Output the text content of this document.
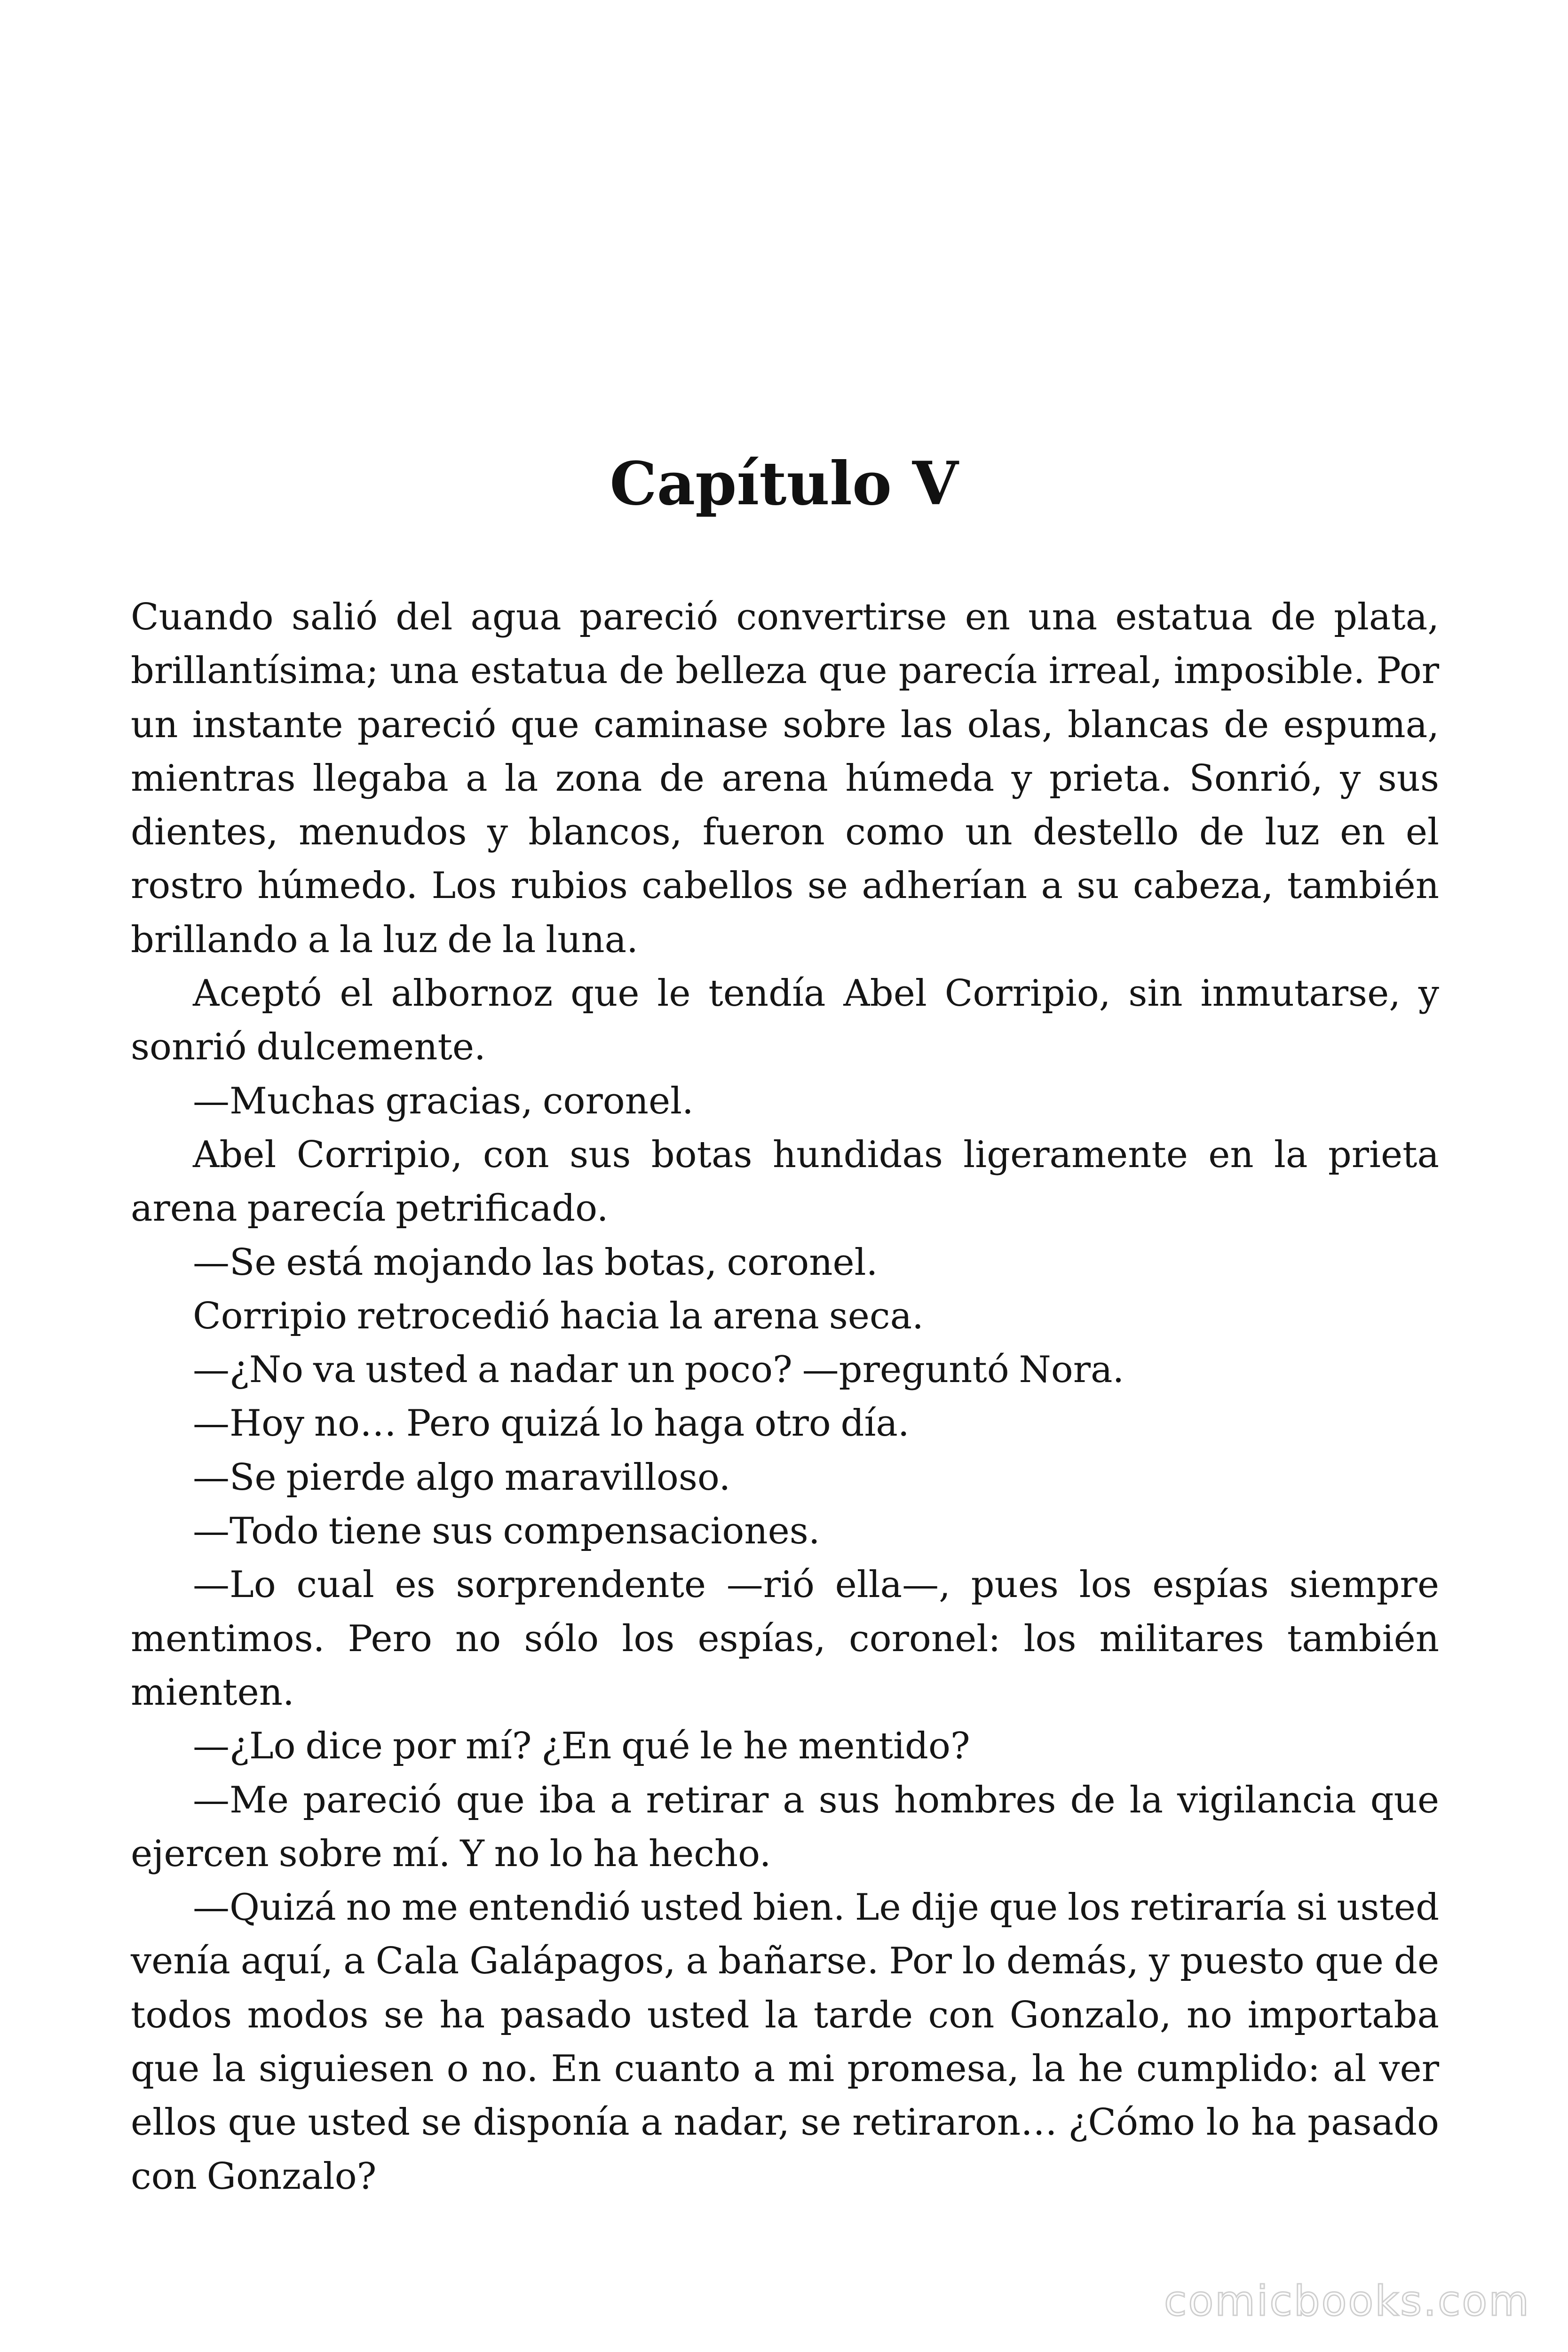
Capítulo V

Cuando salió del agua pareció convertirse en una estatua de plata, brillantísima; una estatua de belleza que parecía irreal, imposible. Por un instante pareció que caminase sobre las olas, blancas de espuma, mientras llegaba a la zona de arena húmeda y prieta. Sonrió, y sus dientes, menudos y blancos, fueron como un destello de luz en el rostro húmedo. Los rubios cabellos se adherían a su cabeza, también brillando a la luz de la luna.

Aceptó el albornoz que le tendía Abel Corripio, sin inmutarse, y sonrió dulcemente.

—Muchas gracias, coronel.

Abel Corripio, con sus botas hundidas ligeramente en la prieta arena parecía petrificado.

—Se está mojando las botas, coronel.

Corripio retrocedió hacia la arena seca.

—¿No va usted a nadar un poco? —preguntó Nora.

—Hoy no… Pero quizá lo haga otro día.

—Se pierde algo maravilloso.

—Todo tiene sus compensaciones.

—Lo cual es sorprendente —rió ella—, pues los espías siempre mentimos. Pero no sólo los espías, coronel: los militares también mienten.

—¿Lo dice por mí? ¿En qué le he mentido?

—Me pareció que iba a retirar a sus hombres de la vigilancia que ejercen sobre mí. Y no lo ha hecho.

—Quizá no me entendió usted bien. Le dije que los retiraría si usted venía aquí, a Cala Galápagos, a bañarse. Por lo demás, y puesto que de todos modos se ha pasado usted la tarde con Gonzalo, no importaba que la siguiesen o no. En cuanto a mi promesa, la he cumplido: al ver ellos que usted se disponía a nadar, se retiraron… ¿Cómo lo ha pasado con Gonzalo?

comicbooks.com
